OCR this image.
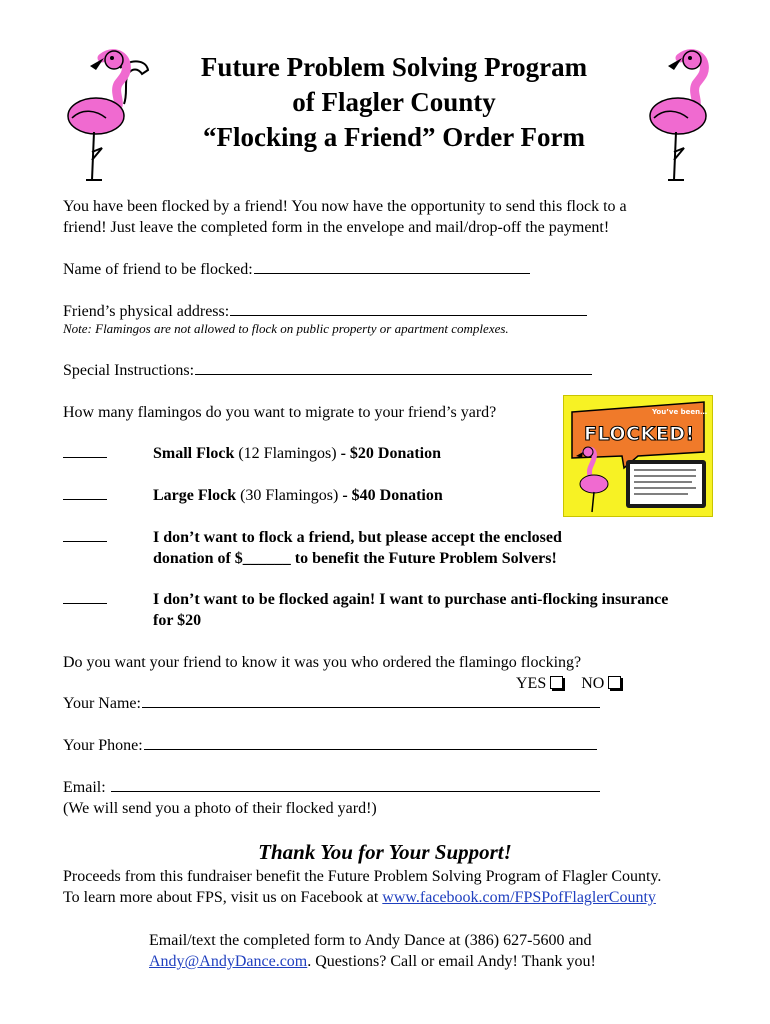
Future Problem Solving Program
of Flagler County
“Flocking a Friend” Order Form
You have been flocked by a friend! You now have the opportunity to send this flock to a
friend! Just leave the completed form in the envelope and mail/drop-off the payment!
Name of friend to be flocked:
Friend’s physical address:
Note: Flamingos are not allowed to flock on public property or apartment complexes.
Special Instructions:
How many flamingos do you want to migrate to your friend’s yard?	You’ve been…
FLOCKED!
Small Flock (12 Flamingos) - $20 Donation
Large Flock (30 Flamingos) - $40 Donation
I don’t want to flock a friend, but please accept the enclosed
donation of $______ to benefit the Future Problem Solvers!
I don’t want to be flocked again! I want to purchase anti-flocking insurance
for $20
Do you want your friend to know it was you who ordered the flamingo flocking?
YES NO
Your Name:
Your Phone:
Email:
(We will send you a photo of their flocked yard!)
Thank You for Your Support!
Proceeds from this fundraiser benefit the Future Problem Solving Program of Flagler County.
To learn more about FPS, visit us on Facebook at www.facebook.com/FPSPofFlaglerCounty
Email/text the completed form to Andy Dance at (386) 627-5600 and
Andy@AndyDance.com. Questions? Call or email Andy! Thank you!
